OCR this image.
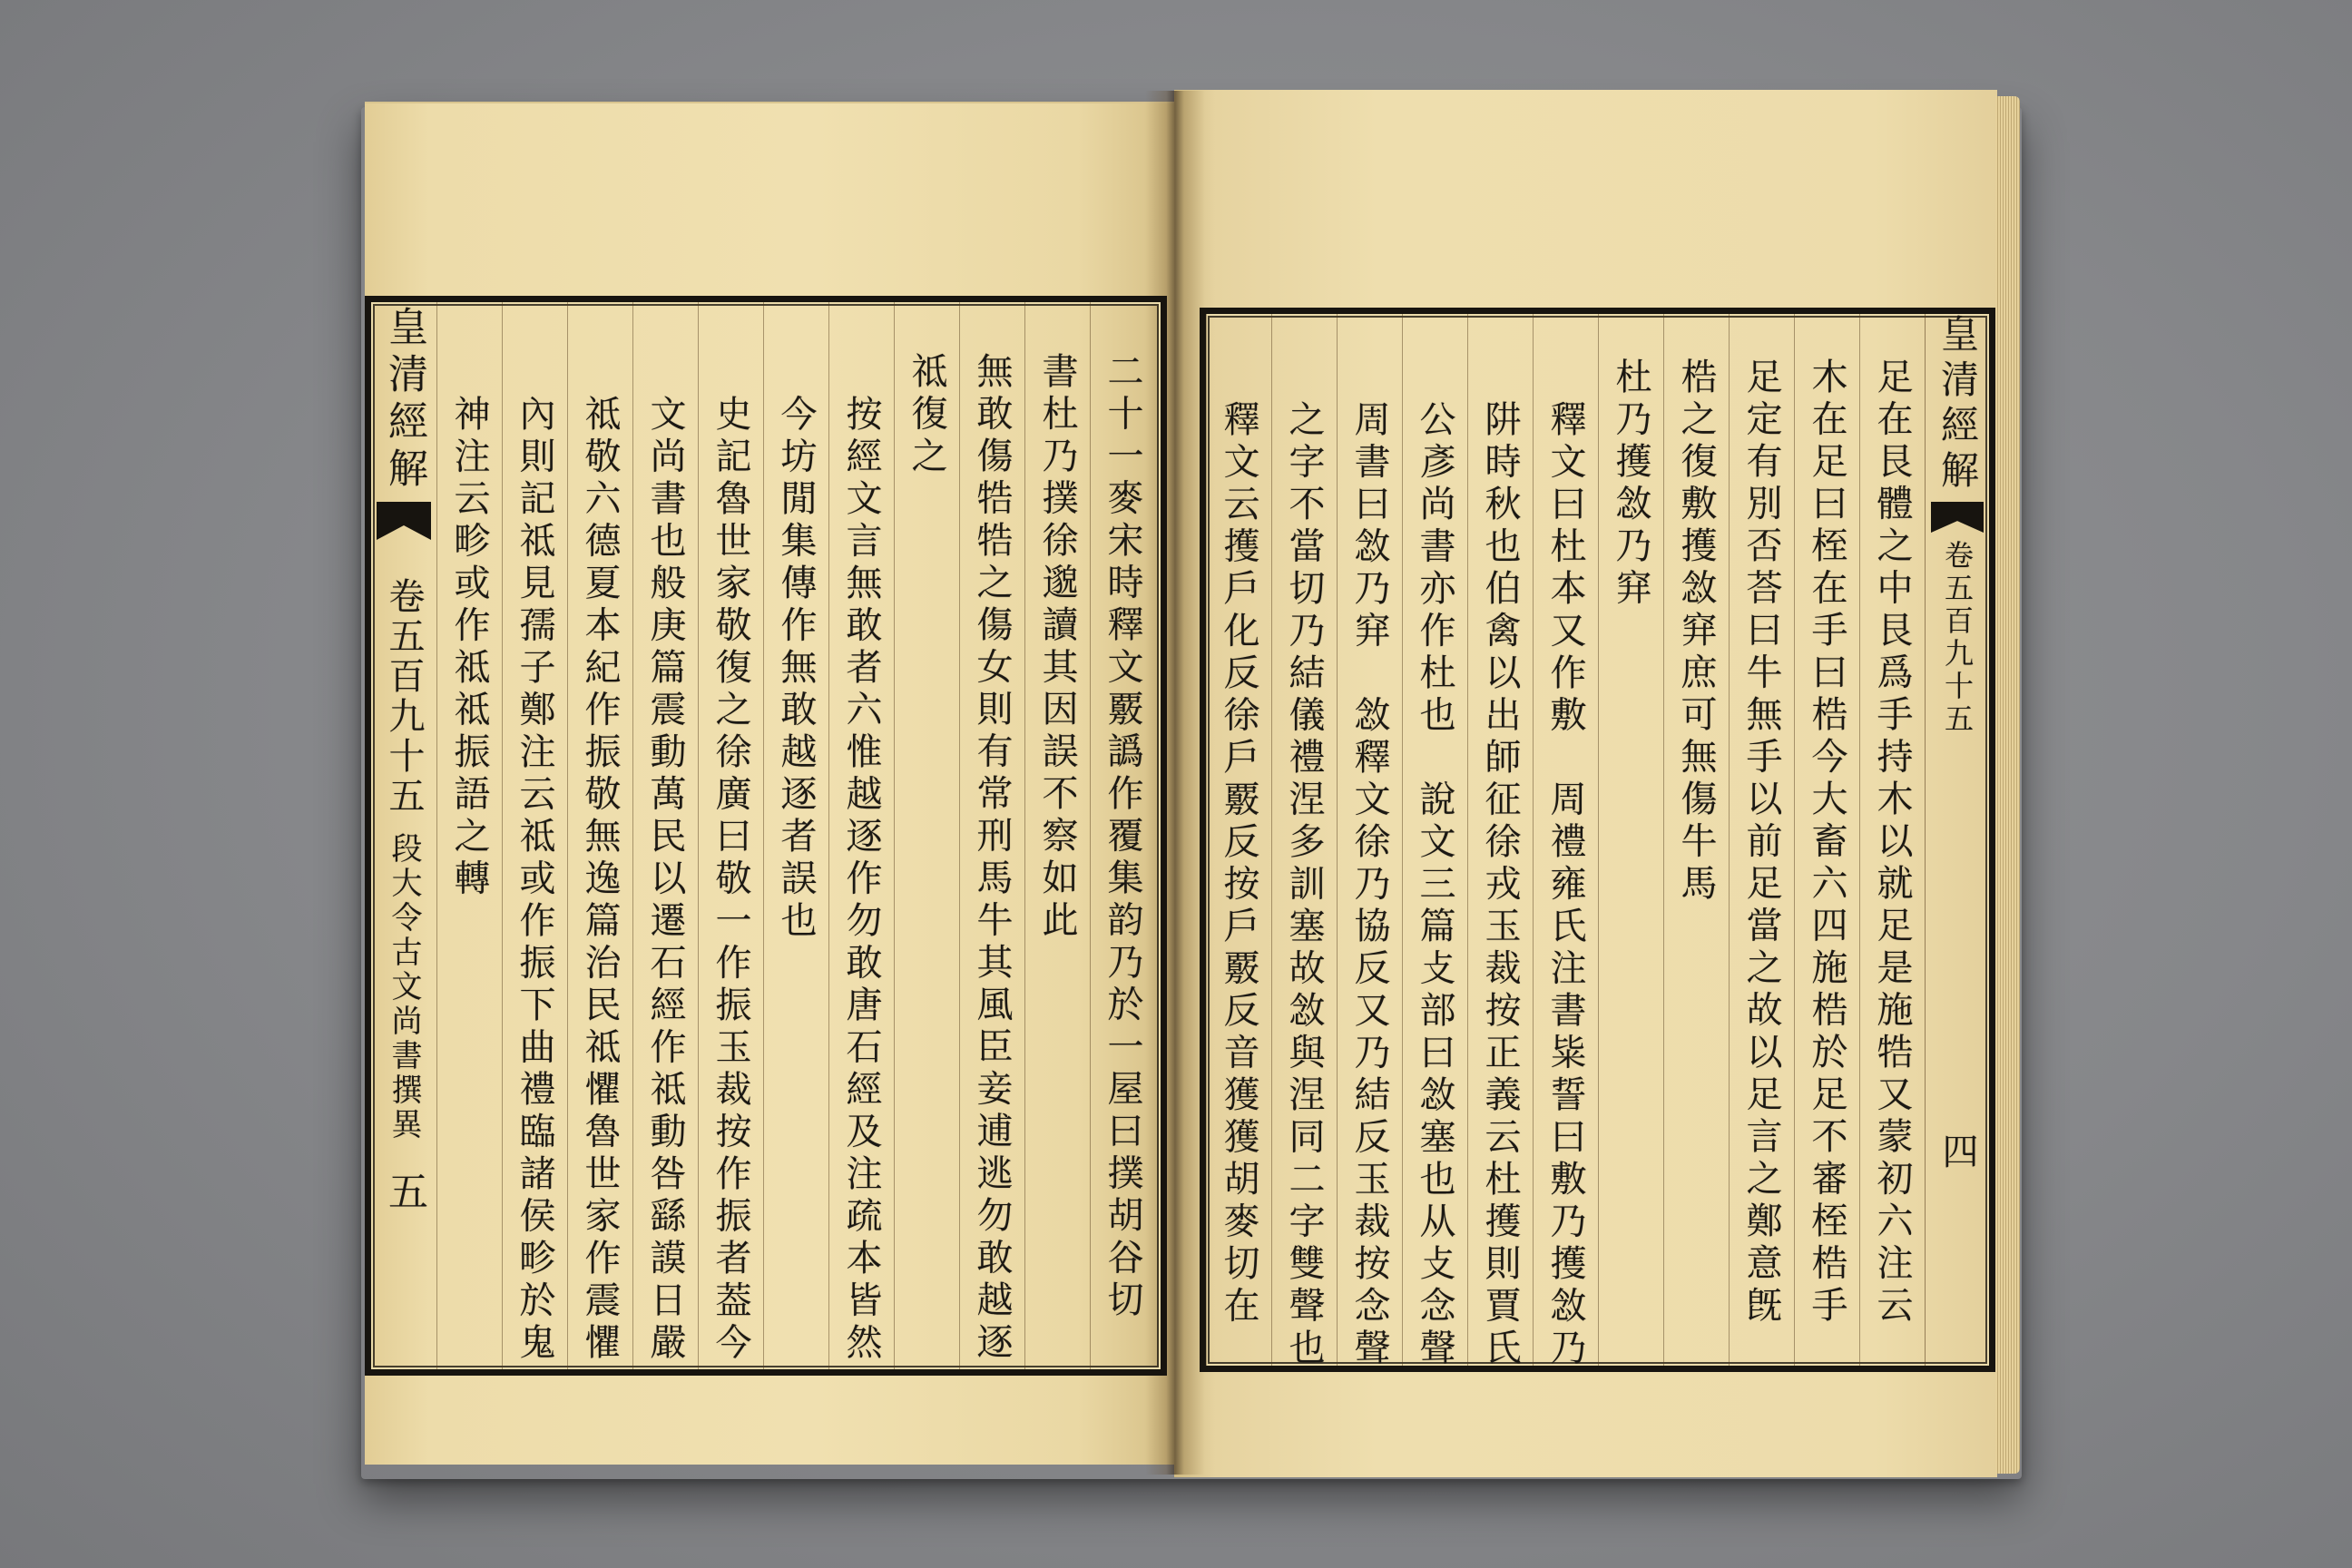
皇清經解
卷五百九十五
段大令古文尚書撰異
五	二十一麥宋時釋文覈譌作覆集韵乃於一屋曰撲胡谷切
書杜乃撲徐邈讀其因誤不察如此
無敢傷牿牿之傷女則有常刑馬牛其風臣妾逋逃勿敢越逐
祗復之
按經文言無敢者六惟越逐作勿敢唐石經及注疏本皆然
今坊閒集傳作無敢越逐者誤也
史記魯世家敬復之徐廣曰敬一作振玉裁按作振者葢今
文尚書也般庚篇震動萬民以遷石經作祗動咎繇謨日嚴
祗敬六德夏本紀作振敬無逸篇治民祗懼魯世家作震懼
內則記祗見孺子鄭注云祗或作振下曲禮臨諸侯畛於鬼
神注云畛或作祗祗振語之轉	足在艮體之中艮爲手持木以就足是施牿又蒙初六注云
木在足曰桎在手曰梏今大畜六四施梏於足不審桎梏手
足定有別否荅曰牛無手以前足當之故以足言之鄭意旣
梏之復敷擭敜穽庶可無傷牛馬
杜乃擭敜乃穽
釋文曰杜本又作敷　周禮雍氏注書粊誓曰敷乃擭敜乃
阱時秋也伯禽以出師征徐戎玉裁按正義云杜擭則賈氏
公彥尚書亦作杜也　說文三篇攴部曰敜塞也从攴念聲
周書曰敜乃穽　敜釋文徐乃協反又乃結反玉裁按念聲
之字不當切乃結儀禮涅多訓塞故敜與涅同二字雙聲也
釋文云擭戶化反徐戶覈反按戶覈反音獲獲胡麥切在	皇清經解
卷五百九十五
四
